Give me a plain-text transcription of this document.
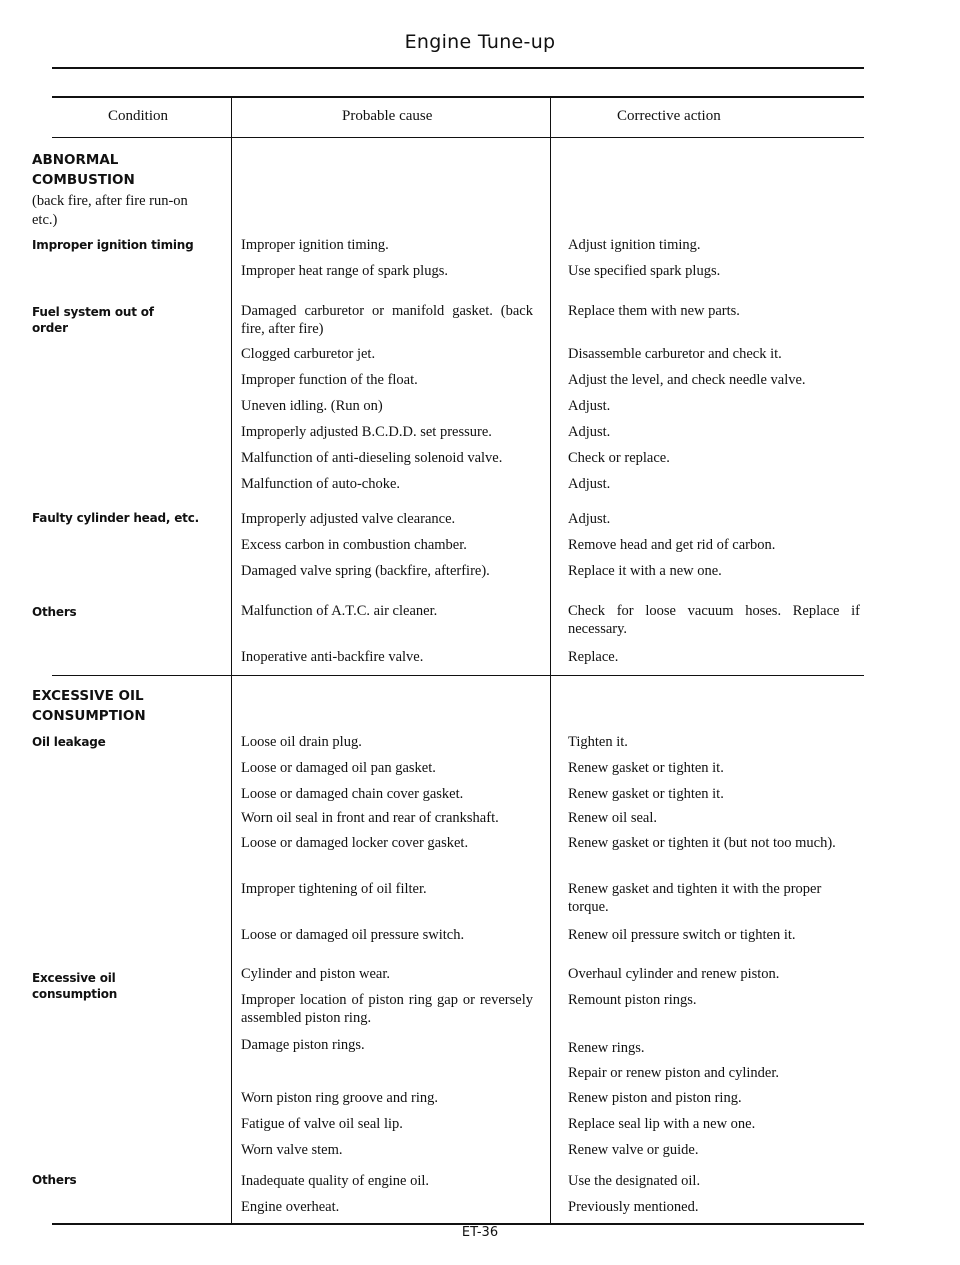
Engine Tune-up
Condition	Probable cause	Corrective action
ABNORMAL
COMBUSTION
(back fire, after fire run-on etc.)
Improper ignition timing
Fuel system out of order
Faulty cylinder head, etc.
Others
Improper ignition timing.
Improper heat range of spark plugs.
Damaged carburetor or manifold gasket. (back fire, after fire)
Clogged carburetor jet.
Improper function of the float.
Uneven idling. (Run on)
Improperly adjusted B.C.D.D. set pressure.
Malfunction of anti-dieseling solenoid valve.
Malfunction of auto-choke.
Improperly adjusted valve clearance.
Excess carbon in combustion chamber.
Damaged valve spring (backfire, afterfire).
Malfunction of A.T.C. air cleaner.
Inoperative anti-backfire valve.
Adjust ignition timing.
Use specified spark plugs.
Replace them with new parts.
Disassemble carburetor and check it.
Adjust the level, and check needle valve.
Adjust.
Adjust.
Check or replace.
Adjust.
Adjust.
Remove head and get rid of carbon.
Replace it with a new one.
Check for loose vacuum hoses. Replace if necessary.
Replace.
EXCESSIVE OIL
CONSUMPTION
Oil leakage
Excessive oil consumption
Others
Loose oil drain plug.
Loose or damaged oil pan gasket.
Loose or damaged chain cover gasket.
Worn oil seal in front and rear of crankshaft.
Loose or damaged locker cover gasket.
Improper tightening of oil filter.
Loose or damaged oil pressure switch.
Cylinder and piston wear.
Improper location of piston ring gap or reversely assembled piston ring.
Damage piston rings.
Worn piston ring groove and ring.
Fatigue of valve oil seal lip.
Worn valve stem.
Inadequate quality of engine oil.
Engine overheat.
Tighten it.
Renew gasket or tighten it.
Renew gasket or tighten it.
Renew oil seal.
Renew gasket or tighten it (but not too much).
Renew gasket and tighten it with the proper torque.
Renew oil pressure switch or tighten it.
Overhaul cylinder and renew piston.
Remount piston rings.
Renew rings.
Repair or renew piston and cylinder.
Renew piston and piston ring.
Replace seal lip with a new one.
Renew valve or guide.
Use the designated oil.
Previously mentioned.
ET-36
